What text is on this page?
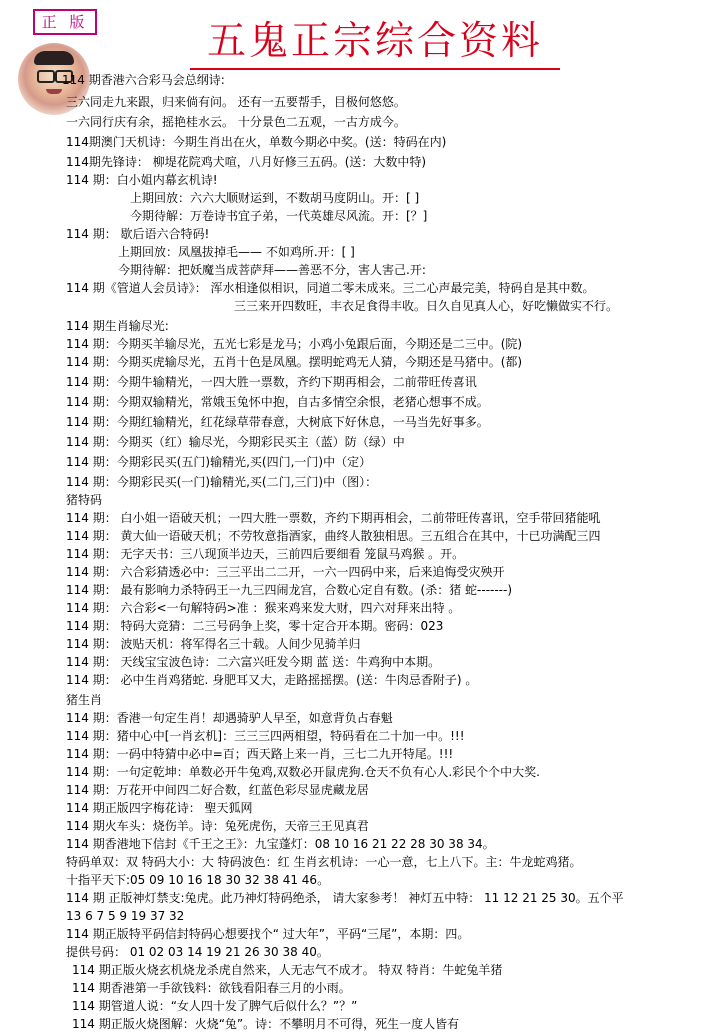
正 版	五鬼正宗综合资料
114 期香港六合彩马会总纲诗:
三六同走九来跟，归来倘有问。 还有一五要帮手，目极何悠悠。
一六同行庆有余，摇艳桂水云。 十分景色二五观，一古方成今。
114期澳门天机诗：今期生肖出在火，单数今期必中奖。(送：特码在内)
114期先锋诗： 柳堤花院鸡犬喧，八月好修三五码。(送：大数中特)
114 期：白小姐内幕玄机诗!
上期回放：六六大顺财运到，不数胡马度阴山。开：[ ]
今期待解：万卷诗书宜子弟，一代英雄尽风流。开：[？]
114 期： 歇后语六合特码!
上期回放：凤凰拔掉毛—— 不如鸡所.开：[ ]
今期待解：把妖魔当成菩萨拜——善恶不分，害人害己.开:
114 期《管道人会员诗》： 浑水相逢似相识，同道二零未成来。三二心声最完美，特码自是其中数。
三三来开四数旺，丰衣足食得丰收。日久自见真人心，好吃懒做实不行。
114 期生肖输尽光:
114 期：今期买羊输尽光，五光七彩是龙马；小鸡小兔跟后面，今期还是二三中。(院)
114 期：今期买虎输尽光，五肖十色是凤凰。摆明蛇鸡无人猜，今期还是马猪中。(都)
114 期：今期牛输精光，一四大胜一票数，齐约下期再相会，二前带旺传喜讯
114 期：今期双输精光，常娥玉兔怀中抱，自古多情空余恨，老猪心想事不成。
114 期：今期红输精光，红花绿草带春意，大树底下好休息，一马当先好事多。
114 期：今期买（红）输尽光，今期彩民买主（蓝）防（绿）中
114 期：今期彩民买(五门)输精光,买(四门,一门)中（定）
114 期：今期彩民买(一门)输精光,买(二门,三门)中（图）：
猪特码
114 期： 白小姐一语破天机；一四大胜一票数，齐约下期再相会，二前带旺传喜讯，空手带回猪能吼
114 期： 黄大仙一语破天机；不劳牧意指酒家，曲终人散独相思。三五组合在其中，十已功满配三四
114 期： 无字天书：三八现顶半边天，三前四后要细看 笼鼠马鸡猴 。开。
114 期： 六合彩猜透必中：三三平出二二开，一六一四码中来，后来追悔受灾殃开
114 期： 最有影响力杀特码王一九三四闹龙宫，合数心定自有数。(杀：猪 蛇-------)
114 期： 六合彩<一句解特码>准 ：猴来鸡来发大财，四六对拜来出特 。
114 期： 特码大竞猜：二三号码争上奖，零十定合开本期。密码：023
114 期： 波贴天机：将军得名三十载。人间少见骑羊归
114 期： 天线宝宝波色诗：二六富兴旺发今期 蓝 送：牛鸡狗中本期。
114 期： 必中生肖鸡猪蛇. 身肥耳又大，走路摇摇摆。(送：牛肉忌香附子) 。
猪生肖
114 期：香港一句定生肖！却遇骑驴人早至，如意背负占春魁
114 期：猪中心中[一肖玄机]：三三三四两相望，特码看在二十加一中。!!!
114 期：一码中特猜中必中=百；西天路上来一肖，三七二九开特尾。!!!
114 期：一句定乾坤：单数必开牛兔鸡,双数必开鼠虎狗.仓天不负有心人.彩民个个中大奖.
114 期：万花开中间四二好合数，红蓝色彩尽显虎藏龙居
114 期正版四字梅花诗： 聖天狐网
114 期火车头：烧伤羊。诗：兔死虎伤，天帝三王见真君
114 期香港地下信封《千王之王》：九宝蓬灯：08 10 16 21 22 28 30 38 34。
特码单双：双 特码大小：大 特码波色：红 生肖玄机诗：一心一意，七上八下。主：牛龙蛇鸡猪。
十指平天下:05 09 10 16 18 30 32 38 41 46。
114 期 正版神灯禁支:兔虎。此乃神灯特码绝杀， 请大家参考！ 神灯五中特： 11 12 21 25 30。五个平
13 6 7 5 9 19 37 32
114 期正版特平码信封特码心想要找个“ 过大年”，平码“三尾”，本期：四。
提供号码： 01 02 03 14 19 21 26 30 38 40。
114 期正版火烧玄机烧龙杀虎自然来，人无志气不成才。 特双 特肖：牛蛇兔羊猪
114 期香港第一手欲钱料：欲钱看阳春三月的小雨。
114 期管道人说：“女人四十发了脾气后似什么？”？”
114 期正版火烧图解：火烧“兔”。诗：不攀明月不可得，死生一度人皆有
